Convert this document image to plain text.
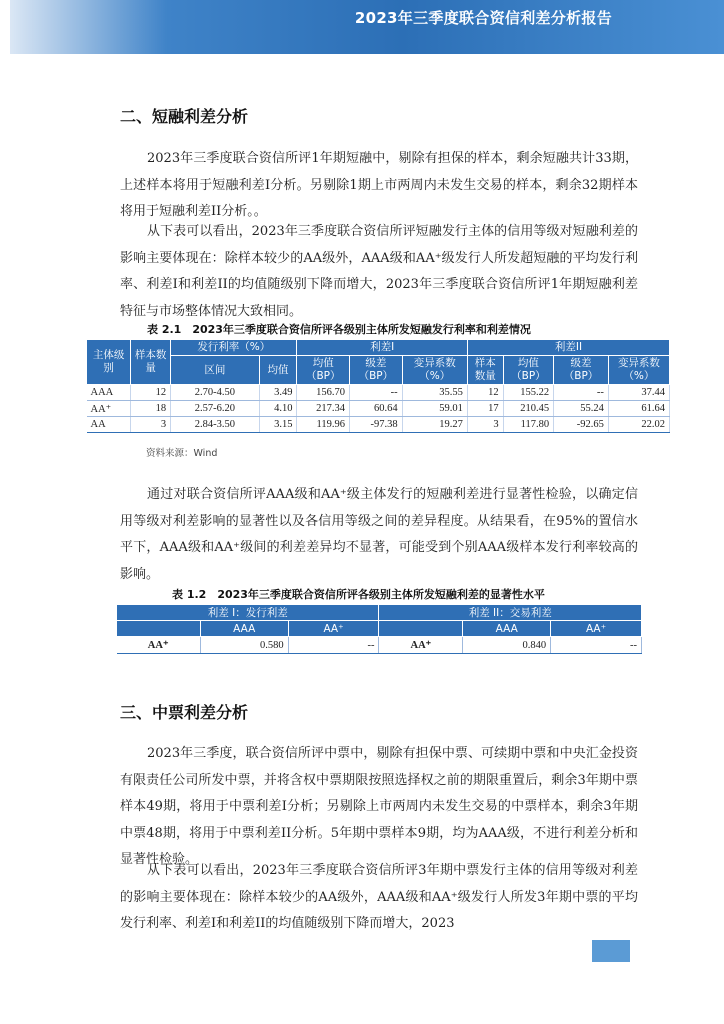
2023年三季度联合资信利差分析报告
二、短融利差分析

2023年三季度联合资信所评1年期短融中，剔除有担保的样本，剩余短融共计33期，上述样本将用于短融利差I分析。另剔除1期上市两周内未发生交易的样本，剩余32期样本将用于短融利差II分析。。

从下表可以看出，2023年三季度联合资信所评短融发行主体的信用等级对短融利差的影响主要体现在：除样本较少的AA级外，AAA级和AA⁺级发行人所发超短融的平均发行利率、利差I和利差II的均值随级别下降而增大，2023年三季度联合资信所评1年期短融利差特征与市场整体情况大致相同。

表 2.1　2023年三季度联合资信所评各级别主体所发短融发行利率和利差情况
主体级别	样本数量	发行利率（%）		利差I			利差II			
		区间	均值	均值（BP）	级差（BP）	变异系数（%）	样本数量	均值（BP）	级差（BP）	变异系数（%）
AAA	12	2.70-4.50	3.49	156.70	--	35.55	12	155.22	--	37.44
AA⁺	18	2.57-6.20	4.10	217.34	60.64	59.01	17	210.45	55.24	61.64
AA	3	2.84-3.50	3.15	119.96	-97.38	19.27	3	117.80	-92.65	22.02
资料来源：Wind

通过对联合资信所评AAA级和AA⁺级主体发行的短融利差进行显著性检验，以确定信用等级对利差影响的显著性以及各信用等级之间的差异程度。从结果看，在95%的置信水平下，AAA级和AA⁺级间的利差差异均不显著，可能受到个别AAA级样本发行利率较高的影响。

表 1.2　2023年三季度联合资信所评各级别主体所发短融利差的显著性水平
利差 I：发行利差			利差 II：交易利差		
	AAA	AA⁺		AAA	AA⁺
AA⁺	0.580	--	AA⁺	0.840	--
三、中票利差分析

2023年三季度，联合资信所评中票中，剔除有担保中票、可续期中票和中央汇金投资有限责任公司所发中票，并将含权中票期限按照选择权之前的期限重置后，剩余3年期中票样本49期，将用于中票利差I分析；另剔除上市两周内未发生交易的中票样本，剩余3年期中票48期，将用于中票利差II分析。5年期中票样本9期，均为AAA级，不进行利差分析和显著性检验。

从下表可以看出，2023年三季度联合资信所评3年期中票发行主体的信用等级对利差的影响主要体现在：除样本较少的AA级外，AAA级和AA⁺级发行人所发3年期中票的平均发行利率、利差I和利差II的均值随级别下降而增大，2023
